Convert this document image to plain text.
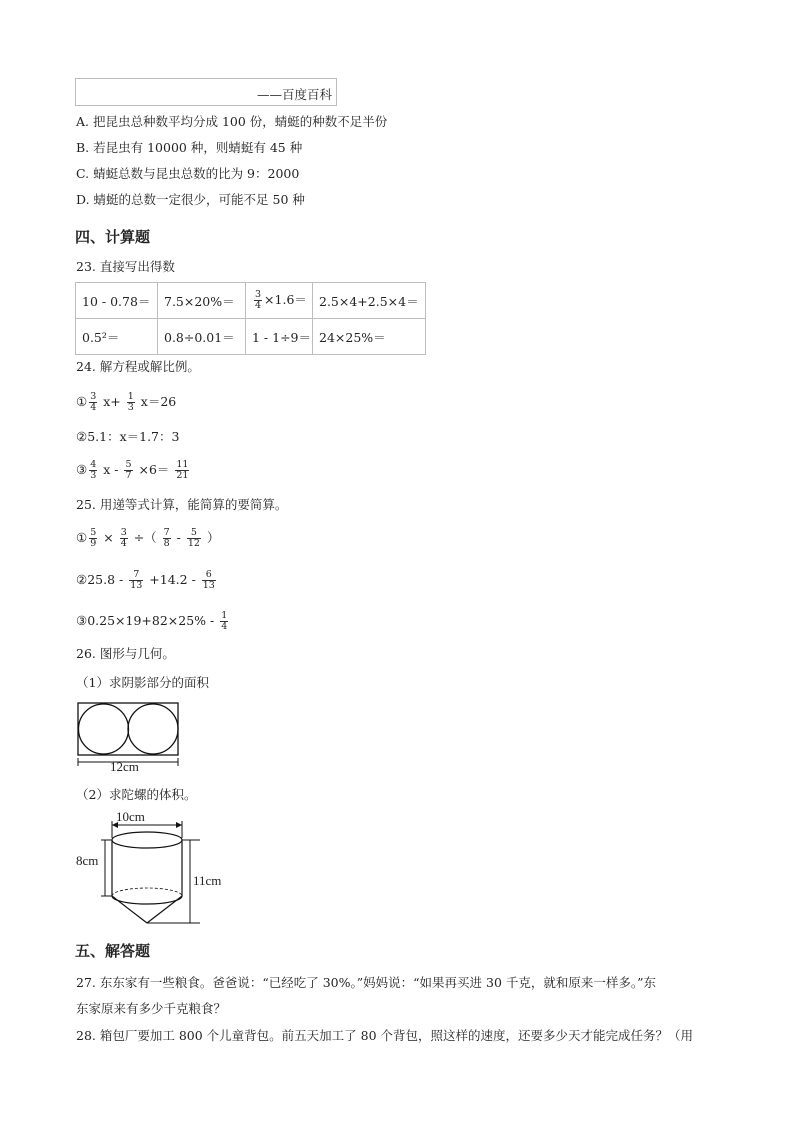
——百度百科
A. 把昆虫总种数平均分成 100 份，蜻蜓的种数不足半份
B. 若昆虫有 10000 种，则蜻蜓有 45 种
C. 蜻蜓总数与昆虫总数的比为 9：2000
D. 蜻蜓的总数一定很少，可能不足 50 种
四、计算题
23. 直接写出得数
10 - 0.78＝	7.5×20%＝	$\frac{3}{4} \times 1.6=$	2.5×4+2.5×4＝
0.5²＝	0.8÷0.01＝	1 - 1÷9＝	24×25%＝
24. 解方程或解比例。
① $\frac{3}{4} x+ \frac{1}{3} x=26$
②5.1：x＝1.7：3
③ $\frac{4}{3}$ $x - \frac{5}{7} \times 6= \frac{11}{21}$
25. 用递等式计算，能简算的要简算。
① $\frac{5}{9} \times \frac{3}{4}$ ÷（ $\frac{7}{8} - \frac{5}{12}$ ）
②25.8 - $\frac{7}{13} +14.2 - \frac{6}{13}$
③0.25×19+82×25% - $\frac{1}{4}$
26. 图形与几何。
（1）求阴影部分的面积
12cm
（2）求陀螺的体积。
10cm
8cm
11cm
五、解答题
27. 东东家有一些粮食。爸爸说：“已经吃了 30%。”妈妈说：“如果再买进 30 千克，就和原来一样多。”东
东家原来有多少千克粮食？
28. 箱包厂要加工 800 个儿童背包。前五天加工了 80 个背包，照这样的速度，还要多少天才能完成任务？（用
